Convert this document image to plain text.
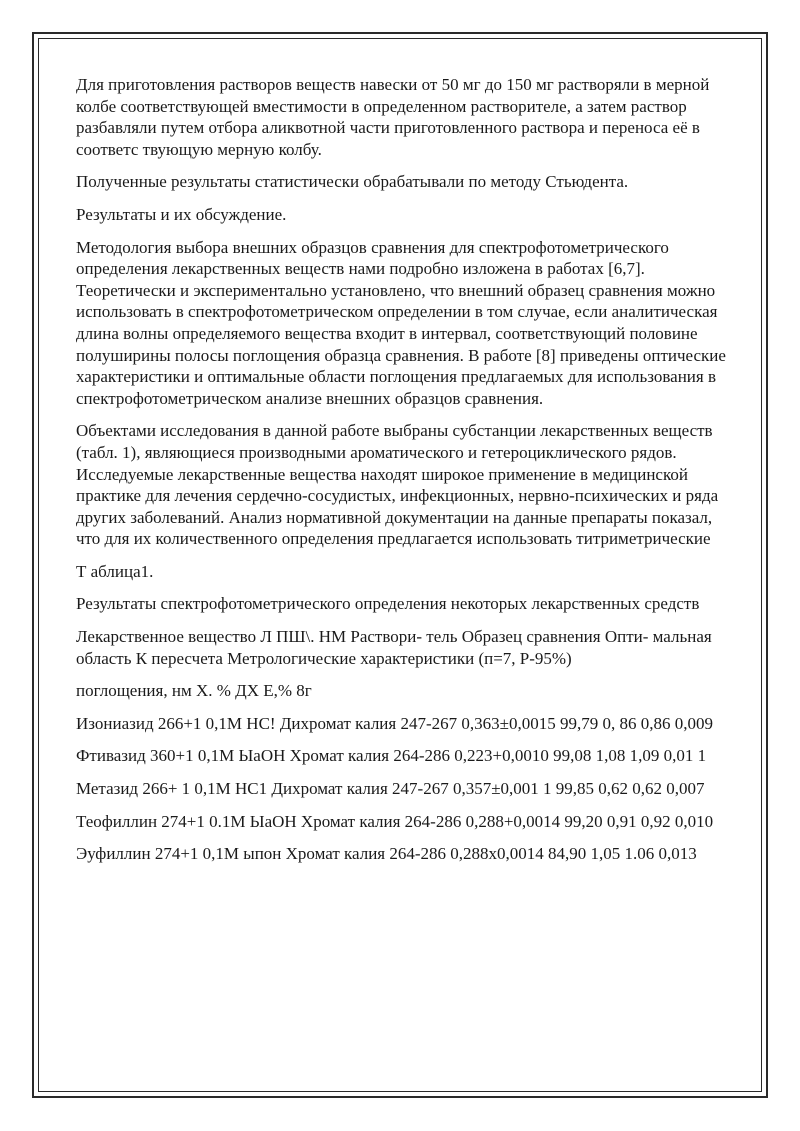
Для приготовления растворов веществ навески от 50 мг до 150 мг растворяли в мерной колбе соответствующей вместимости в определенном растворителе, а затем раствор разбавляли путем отбора аликвотной части приготовленного раствора и переноса её в соответс твующую мерную колбу.

Полученные результаты статистически обрабатывали по методу Стьюдента.

Результаты и их обсуждение.

Методология выбора внешних образцов сравнения для спектрофотометрического определения лекарственных веществ нами подробно изложена в работах [6,7]. Теоретически и экспериментально установлено, что внешний образец сравнения можно использовать в спектрофотометрическом определении в том случае, если аналитическая длина волны определяемого вещества входит в интервал, соответствующий половине полуширины полосы поглощения образца сравнения. В работе [8] приведены оптические характеристики и оптимальные области поглощения предлагаемых для использования в спектрофотометрическом анализе внешних образцов сравнения.

Объектами исследования в данной работе выбраны субстанции лекарственных веществ (табл. 1), являющиеся производными ароматического и гетероциклического рядов. Исследуемые лекарственные вещества находят широкое применение в медицинской практике для лечения сердечно-сосудистых, инфекционных, нервно-психических и ряда других заболеваний. Анализ нормативной документации на данные препараты показал, что для их количественного определения предлагается использовать титриметрические

Т аблица1.

Результаты спектрофотометрического определения некоторых лекарственных средств

Лекарственное вещество Л ПШ\. НМ Раствори- тель Образец сравнения Опти- мальная область К пересчета Метрологические характеристики (п=7, Р-95%)

поглощения, нм Х. % ДХ Е,% 8г

Изониазид 266+1 0,1М НС! Дихромат калия 247-267 0,363±0,0015 99,79 0, 86 0,86 0,009

Фтивазид 360+1 0,1М ЫаОН Хромат калия 264-286 0,223+0,0010 99,08 1,08 1,09 0,01 1

Метазид 266+ 1 0,1М НС1 Дихромат калия 247-267 0,357±0,001 1 99,85 0,62 0,62 0,007

Теофиллин 274+1 0.1М ЫаОН Хромат калия 264-286 0,288+0,0014 99,20 0,91 0,92 0,010

Эуфиллин 274+1 0,1М ыпон Хромат калия 264-286 0,288х0,0014 84,90 1,05 1.06 0,013
